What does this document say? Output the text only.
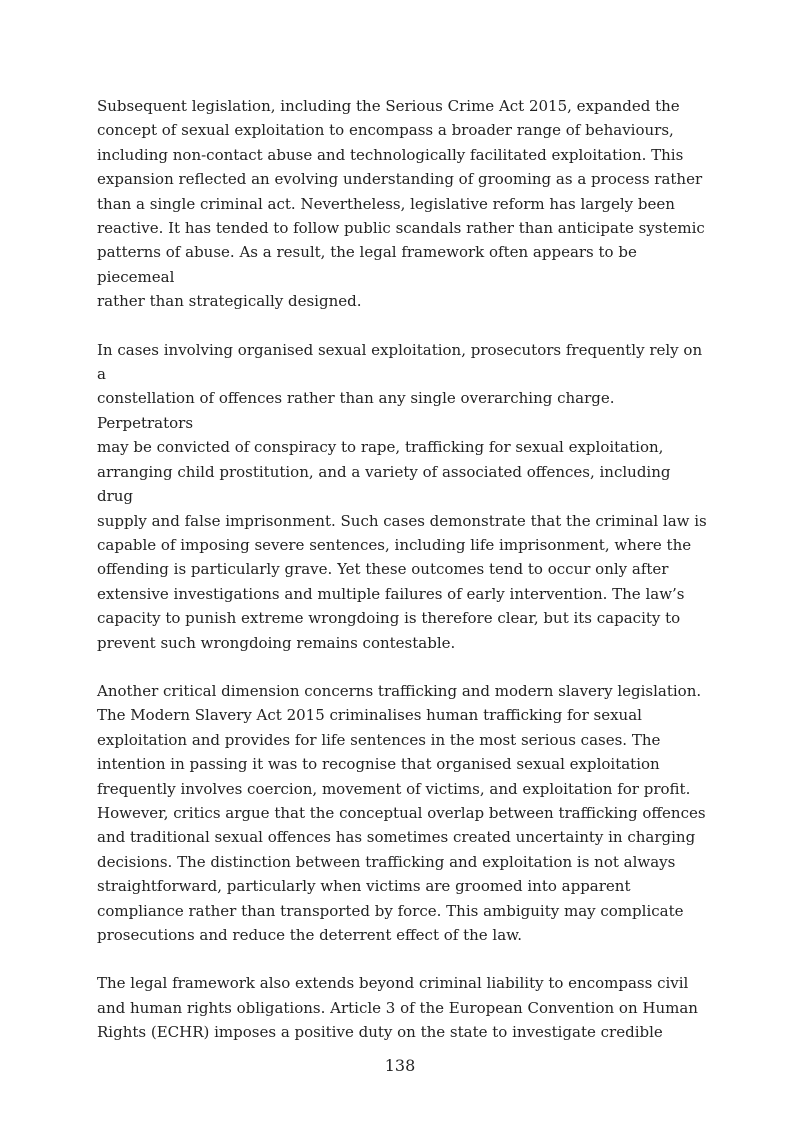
Subsequent legislation, including the Serious Crime Act 2015, expanded the
concept of sexual exploitation to encompass a broader range of behaviours,
including non-contact abuse and technologically facilitated exploitation. This
expansion reflected an evolving understanding of grooming as a process rather
than a single criminal act. Nevertheless, legislative reform has largely been
reactive. It has tended to follow public scandals rather than anticipate systemic
patterns of abuse. As a result, the legal framework often appears to be piecemeal
rather than strategically designed.

In cases involving organised sexual exploitation, prosecutors frequently rely on a
constellation of offences rather than any single overarching charge. Perpetrators
may be convicted of conspiracy to rape, trafficking for sexual exploitation,
arranging child prostitution, and a variety of associated offences, including drug
supply and false imprisonment. Such cases demonstrate that the criminal law is
capable of imposing severe sentences, including life imprisonment, where the
offending is particularly grave. Yet these outcomes tend to occur only after
extensive investigations and multiple failures of early intervention. The law’s
capacity to punish extreme wrongdoing is therefore clear, but its capacity to
prevent such wrongdoing remains contestable.

Another critical dimension concerns trafficking and modern slavery legislation.
The Modern Slavery Act 2015 criminalises human trafficking for sexual
exploitation and provides for life sentences in the most serious cases. The
intention in passing it was to recognise that organised sexual exploitation
frequently involves coercion, movement of victims, and exploitation for profit.
However, critics argue that the conceptual overlap between trafficking offences
and traditional sexual offences has sometimes created uncertainty in charging
decisions. The distinction between trafficking and exploitation is not always
straightforward, particularly when victims are groomed into apparent
compliance rather than transported by force. This ambiguity may complicate
prosecutions and reduce the deterrent effect of the law.

The legal framework also extends beyond criminal liability to encompass civil
and human rights obligations. Article 3 of the European Convention on Human
Rights (ECHR) imposes a positive duty on the state to investigate credible

138
